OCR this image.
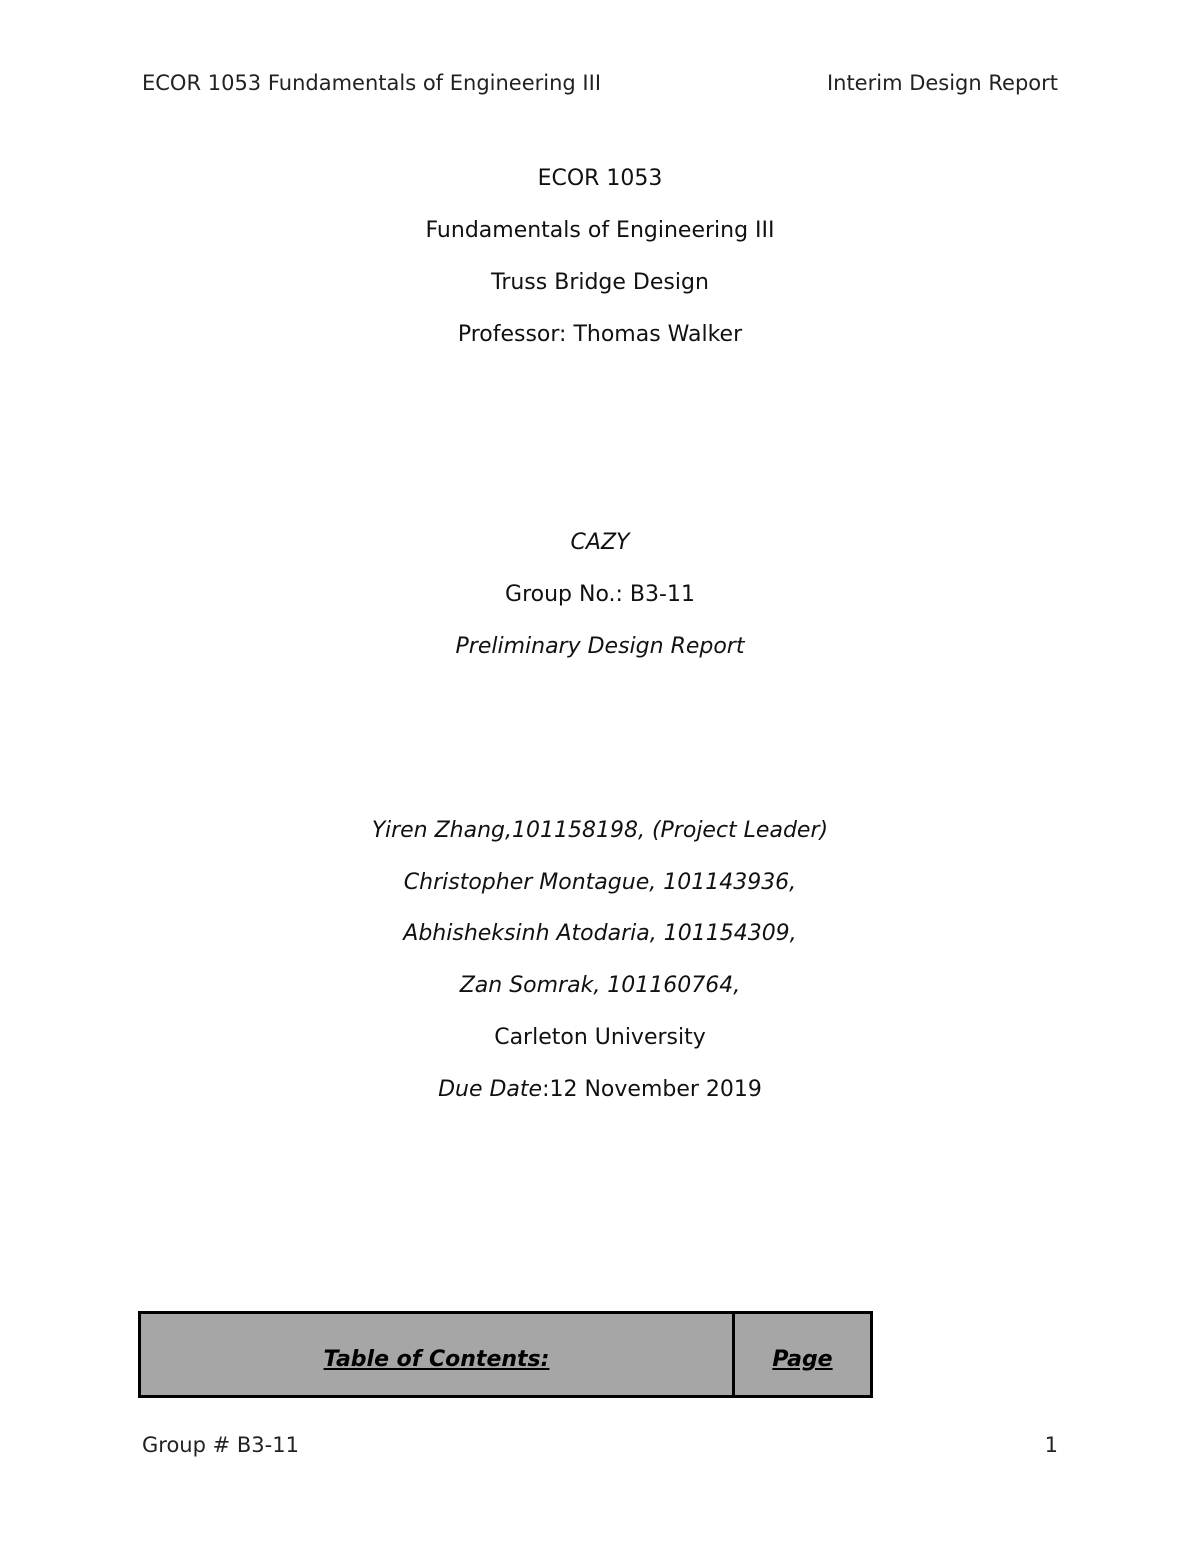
ECOR 1053 Fundamentals of Engineering III	Interim Design Report
ECOR 1053
Fundamentals of Engineering III
Truss Bridge Design
Professor: Thomas Walker
CAZY
Group No.: B3-11
Preliminary Design Report
Yiren Zhang,101158198, (Project Leader)
Christopher Montague, 101143936,
Abhisheksinh Atodaria, 101154309,
Zan Somrak, 101160764,
Carleton University
Due Date:12 November 2019
Table of Contents:	Page
Group # B3-11	1
